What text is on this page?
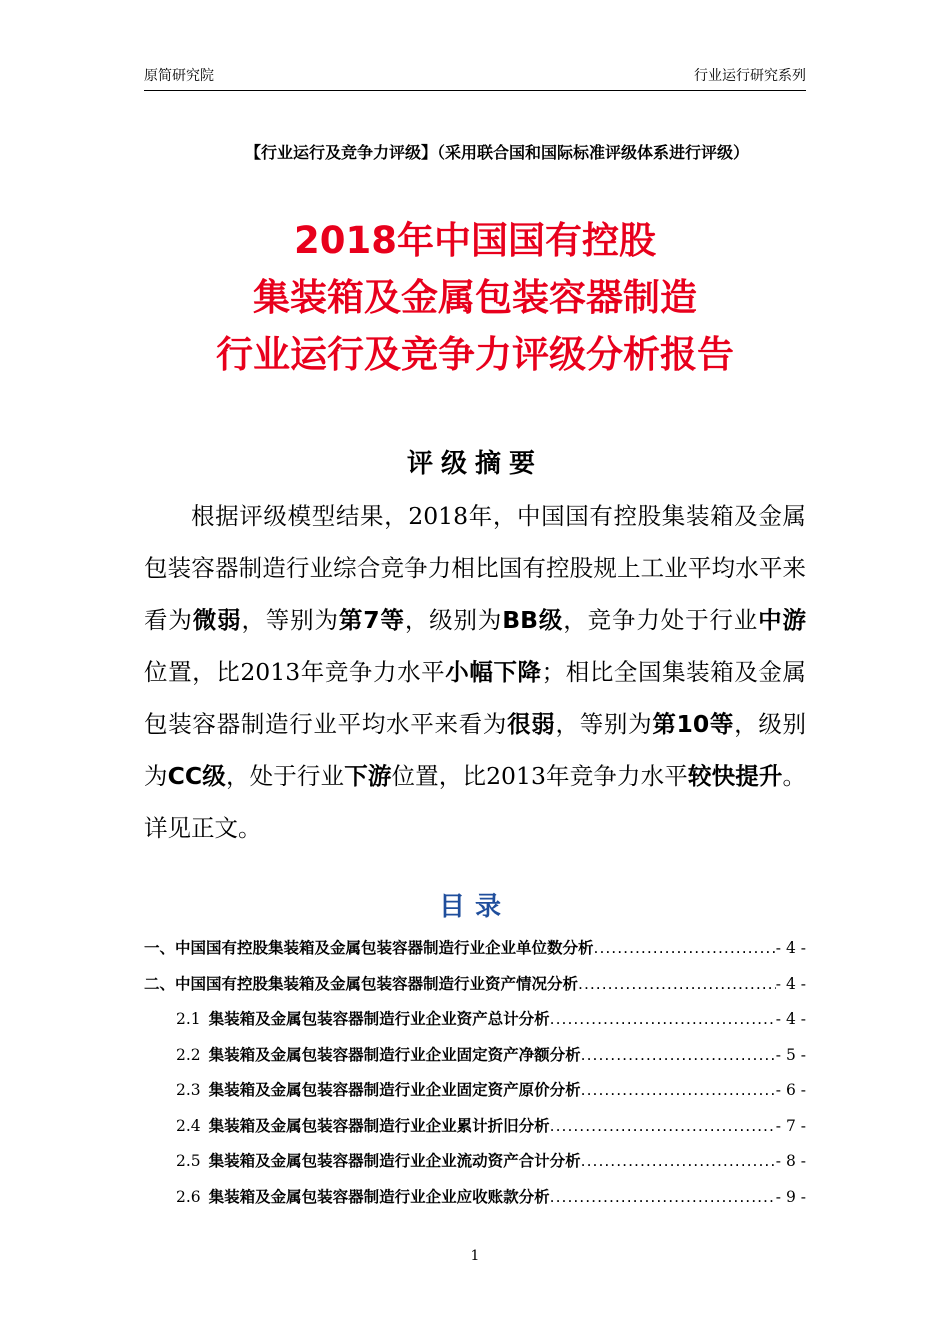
原简研究院	行业运行研究系列
【行业运行及竞争力评级】（采用联合国和国际标准评级体系进行评级）
2018年中国国有控股
集装箱及金属包装容器制造
行业运行及竞争力评级分析报告
评级摘要

根据评级模型结果，2018年，中国国有控股集装箱及金属包装容器制造行业综合竞争力相比国有控股规上工业平均水平来看为微弱，等别为第7等，级别为BB级，竞争力处于行业中游位置，比2013年竞争力水平小幅下降；相比全国集装箱及金属包装容器制造行业平均水平来看为很弱，等别为第10等，级别为CC级，处于行业下游位置，比2013年竞争力水平较快提升。详见正文。

目录
一、中国国有控股集装箱及金属包装容器制造行业企业单位数分析 .....	- 4 -
二、中国国有控股集装箱及金属包装容器制造行业资产情况分析 .....	- 4 -
2.1 集装箱及金属包装容器制造行业企业资产总计分析 .....	- 4 -
2.2 集装箱及金属包装容器制造行业企业固定资产净额分析 .....	- 5 -
2.3 集装箱及金属包装容器制造行业企业固定资产原价分析 .....	- 6 -
2.4 集装箱及金属包装容器制造行业企业累计折旧分析 .....	- 7 -
2.5 集装箱及金属包装容器制造行业企业流动资产合计分析 .....	- 8 -
2.6 集装箱及金属包装容器制造行业企业应收账款分析 .....	- 9 -
1
